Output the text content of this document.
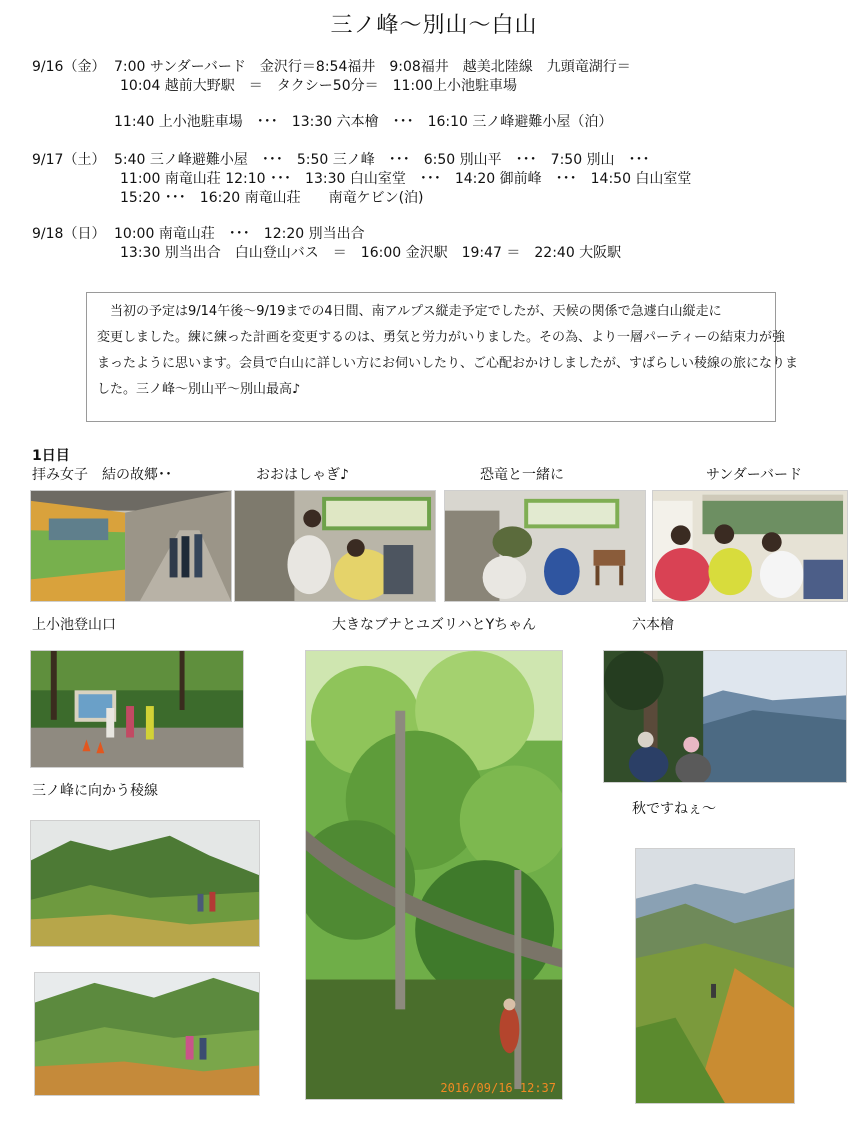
三ノ峰～別山～白山
9/16（金） 7:00 サンダーバード　金沢行＝8:54福井　9:08福井　越美北陸線　九頭竜湖行＝
10:04 越前大野駅　＝　タクシー50分＝　11:00上小池駐車場
11:40 上小池駐車場　･･･　13:30 六本檜　･･･　16:10 三ノ峰避難小屋（泊）
9/17（土） 5:40 三ノ峰避難小屋　･･･　5:50 三ノ峰　･･･　6:50 別山平　･･･　7:50 別山　･･･
11:00 南竜山荘 12:10 ･･･　13:30 白山室堂　･･･　14:20 御前峰　･･･　14:50 白山室堂
15:20 ･･･　16:20 南竜山荘　　南竜ケビン(泊)
9/18（日） 10:00 南竜山荘　･･･　12:20 別当出合
13:30 別当出合　白山登山バス　＝　16:00 金沢駅　19:47 ＝　22:40 大阪駅
当初の予定は9/14午後～9/19までの4日間、南アルプス縦走予定でしたが、天候の関係で急遽白山縦走に
変更しました。練に練った計画を変更するのは、勇気と労力がいりました。その為、より一層パーティーの結束力が強
まったように思います。会員で白山に詳しい方にお伺いしたり、ご心配おかけしましたが、すばらしい稜線の旅になりま
した。三ノ峰～別山平～別山最高♪
1日目
拝み女子　結の故郷･･	おおはしゃぎ♪	恐竜と一緒に	サンダーバード
上小池登山口	大きなブナとユズリハとYちゃん	六本檜
2016/09/16 12:37
三ノ峰に向かう稜線
秋ですねぇ～
